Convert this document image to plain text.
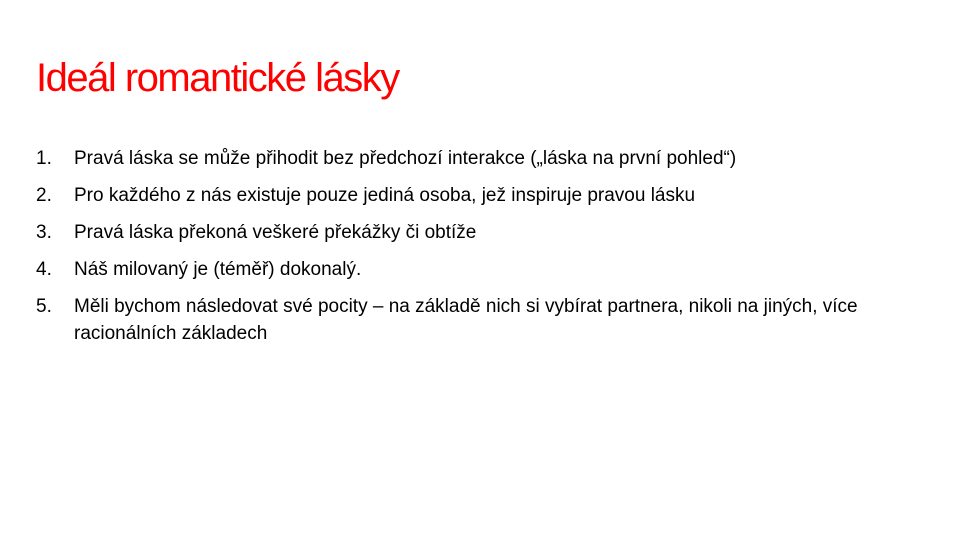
Ideál romantické lásky
1.	Pravá láska se může přihodit bez předchozí interakce („láska na první pohled“)
2.	Pro každého z nás existuje pouze jediná osoba, jež inspiruje pravou lásku
3.	Pravá láska překoná veškeré překážky či obtíže
4.	Náš milovaný je (téměř) dokonalý.
5.	Měli bychom následovat své pocity – na základě nich si vybírat partnera, nikoli na jiných, více racionálních základech
